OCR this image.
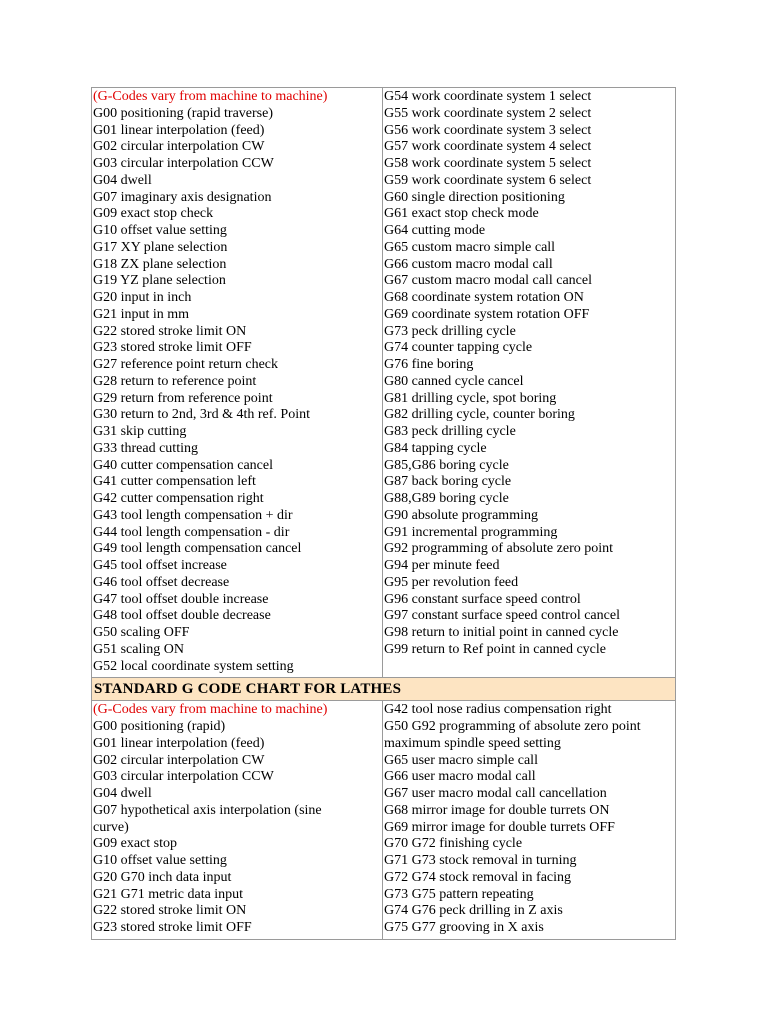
(G-Codes vary from machine to machine)
G00 positioning (rapid traverse)
G01 linear interpolation (feed)
G02 circular interpolation CW
G03 circular interpolation CCW
G04 dwell
G07 imaginary axis designation
G09 exact stop check
G10 offset value setting
G17 XY plane selection
G18 ZX plane selection
G19 YZ plane selection
G20 input in inch
G21 input in mm
G22 stored stroke limit ON
G23 stored stroke limit OFF
G27 reference point return check
G28 return to reference point
G29 return from reference point
G30 return to 2nd, 3rd & 4th ref. Point
G31 skip cutting
G33 thread cutting
G40 cutter compensation cancel
G41 cutter compensation left
G42 cutter compensation right
G43 tool length compensation + dir
G44 tool length compensation - dir
G49 tool length compensation cancel
G45 tool offset increase
G46 tool offset decrease
G47 tool offset double increase
G48 tool offset double decrease
G50 scaling OFF
G51 scaling ON
G52 local coordinate system setting
G54 work coordinate system 1 select
G55 work coordinate system 2 select
G56 work coordinate system 3 select
G57 work coordinate system 4 select
G58 work coordinate system 5 select
G59 work coordinate system 6 select
G60 single direction positioning
G61 exact stop check mode
G64 cutting mode
G65 custom macro simple call
G66 custom macro modal call
G67 custom macro modal call cancel
G68 coordinate system rotation ON
G69 coordinate system rotation OFF
G73 peck drilling cycle
G74 counter tapping cycle
G76 fine boring
G80 canned cycle cancel
G81 drilling cycle, spot boring
G82 drilling cycle, counter boring
G83 peck drilling cycle
G84 tapping cycle
G85,G86 boring cycle
G87 back boring cycle
G88,G89 boring cycle
G90 absolute programming
G91 incremental programming
G92 programming of absolute zero point
G94 per minute feed
G95 per revolution feed
G96 constant surface speed control
G97 constant surface speed control cancel
G98 return to initial point in canned cycle
G99 return to Ref point in canned cycle
STANDARD G CODE CHART FOR LATHES
(G-Codes vary from machine to machine)
G00 positioning (rapid)
G01 linear interpolation (feed)
G02 circular interpolation CW
G03 circular interpolation CCW
G04 dwell
G07 hypothetical axis interpolation (sine
curve)
G09 exact stop
G10 offset value setting
G20 G70 inch data input
G21 G71 metric data input
G22 stored stroke limit ON
G23 stored stroke limit OFF
G42 tool nose radius compensation right
G50 G92 programming of absolute zero point
maximum spindle speed setting
G65 user macro simple call
G66 user macro modal call
G67 user macro modal call cancellation
G68 mirror image for double turrets ON
G69 mirror image for double turrets OFF
G70 G72 finishing cycle
G71 G73 stock removal in turning
G72 G74 stock removal in facing
G73 G75 pattern repeating
G74 G76 peck drilling in Z axis
G75 G77 grooving in X axis
